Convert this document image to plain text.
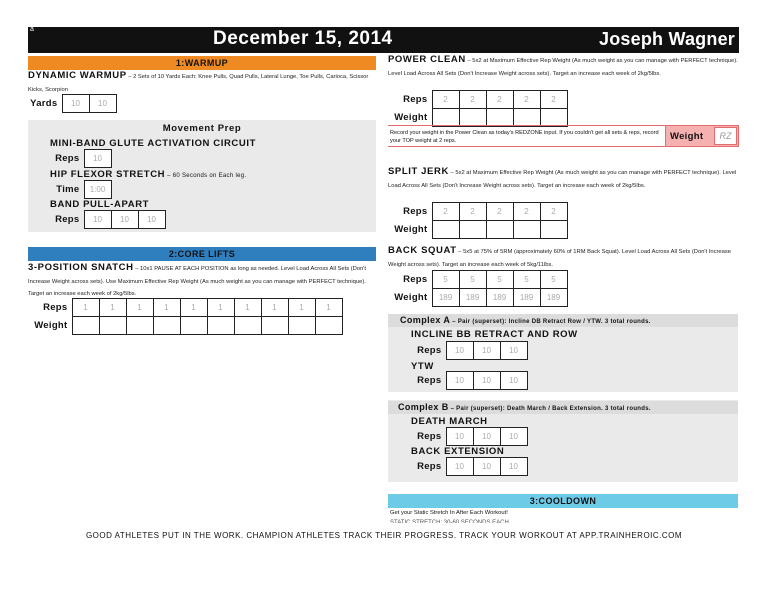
a	December 15, 2014	Joseph Wagner
1:WARMUP
DYNAMIC WARMUP – 2 Sets of 10 Yards Each: Knee Pulls, Quad Pulls, Lateral Lunge, Toe Pulls, Carioca, Scissor Kicks, Scorpion
Yards	10	10
Movement Prep
MINI-BAND GLUTE ACTIVATION CIRCUIT
Reps	10
HIP FLEXOR STRETCH – 60 Seconds on Each leg.
Time	1:00
BAND PULL-APART
Reps	10	10	10
2:CORE LIFTS
3-POSITION SNATCH – 10x1 PAUSE AT EACH POSITION as long as needed. Level Load Across All Sets (Don't Increase Weight across sets). Use Maximum Effective Rep Weight (As much weight as you can manage with PERFECT technique). Target an increase each week of 2kg/5lbs.
Reps	1	1	1	1	1	1	1	1	1	1
Weight										
POWER CLEAN – 5x2 at Maximum Effective Rep Weight (As much weight as you can manage with PERFECT technique). Level Load Across All Sets (Don't Increase Weight across sets). Target an increase each week of 2kg/5lbs.
Reps	2	2	2	2	2
Weight					
Record your weight in the Power Clean as today's REDZONE input. If you couldn't get all sets & reps, record your TOP weight at 2 reps.	Weight	RZ
SPLIT JERK – 5x2 at Maximum Effective Rep Weight (As much weight as you can manage with PERFECT technique). Level Load Across All Sets (Don't Increase Weight across sets). Target an increase each week of 2kg/5lbs.
Reps	2	2	2	2	2
Weight					
BACK SQUAT – 5x5 at 75% of 5RM (approximately 60% of 1RM Back Squat). Level Load Across All Sets (Don't Increase Weight across sets). Target an increase each week of 5kg/11lbs.
Reps	5	5	5	5	5
Weight	189	189	189	189	189
Complex A – Pair (superset): Incline DB Retract Row / YTW. 3 total rounds.
INCLINE BB RETRACT AND ROW
Reps	10	10	10
YTW
Reps	10	10	10
Complex B – Pair (superset): Death March / Back Extension. 3 total rounds.
DEATH MARCH
Reps	10	10	10
BACK EXTENSION
Reps	10	10	10
3:COOLDOWN
Get your Static Stretch In After Each Workout!
STATIC STRETCH: 30-60 SECONDS EACH
GOOD ATHLETES PUT IN THE WORK. CHAMPION ATHLETES TRACK THEIR PROGRESS. TRACK YOUR WORKOUT AT APP.TRAINHEROIC.COM
